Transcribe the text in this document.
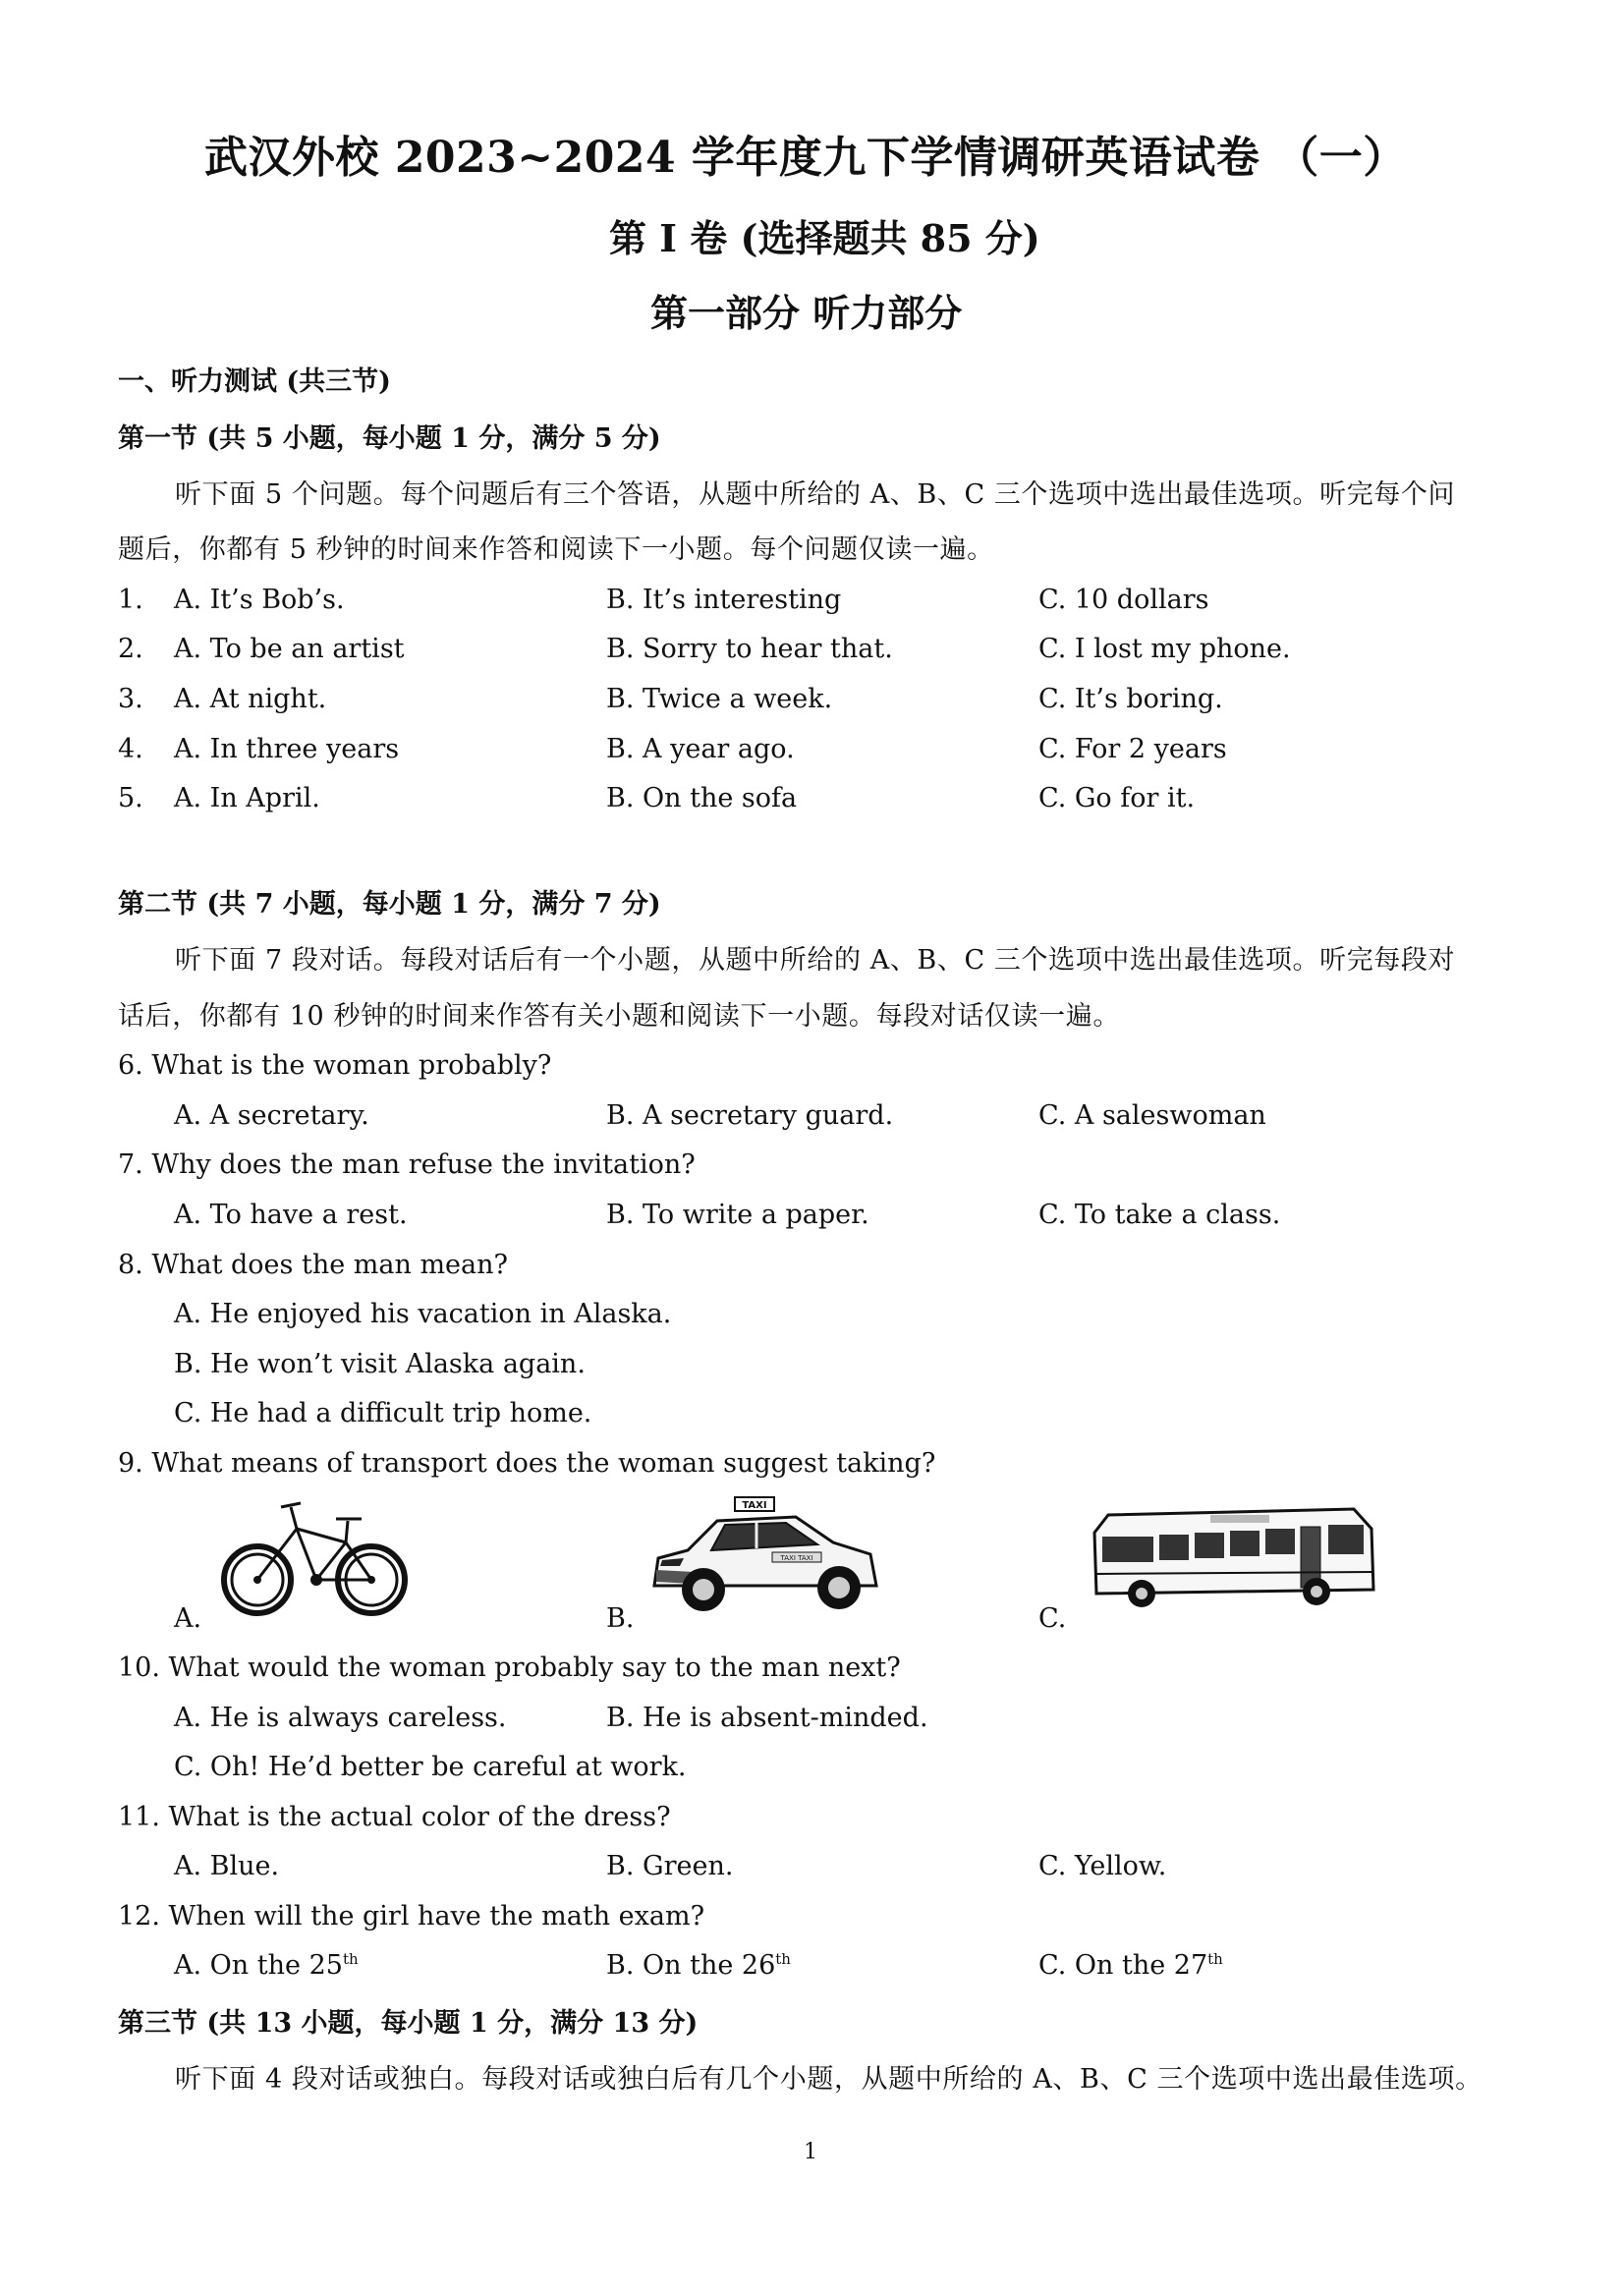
武汉外校 2023~2024 学年度九下学情调研英语试卷 （一）
第 I 卷 (选择题共 85 分)
第一部分 听力部分
一、听力测试 (共三节)
第一节 (共 5 小题，每小题 1 分，满分 5 分)
听下面 5 个问题。每个问题后有三个答语，从题中所给的 A、B、C 三个选项中选出最佳选项。听完每个问
题后，你都有 5 秒钟的时间来作答和阅读下一小题。每个问题仅读一遍。
1. A. It’s Bob’s.	B. It’s interesting	C. 10 dollars
2. A. To be an artist	B. Sorry to hear that.	C. I lost my phone.
3. A. At night.	B. Twice a week.	C. It’s boring.
4. A. In three years	B. A year ago.	C. For 2 years
5. A. In April.	B. On the sofa	C. Go for it.
第二节 (共 7 小题，每小题 1 分，满分 7 分)
听下面 7 段对话。每段对话后有一个小题，从题中所给的 A、B、C 三个选项中选出最佳选项。听完每段对
话后，你都有 10 秒钟的时间来作答有关小题和阅读下一小题。每段对话仅读一遍。
6. What is the woman probably?
A. A secretary.	B. A secretary guard.	C. A saleswoman
7. Why does the man refuse the invitation?
A. To have a rest.	B. To write a paper.	C. To take a class.
8. What does the man mean?
A. He enjoyed his vacation in Alaska.
B. He won’t visit Alaska again.
C. He had a difficult trip home.
9. What means of transport does the woman suggest taking?
A.	B.
TAXI
TAXI TAXI
C.
10. What would the woman probably say to the man next?
A. He is always careless.	B. He is absent-minded.
C. Oh! He’d better be careful at work.
11. What is the actual color of the dress?
A. Blue.	B. Green.	C. Yellow.
12. When will the girl have the math exam?
A. On the 25th	B. On the 26th	C. On the 27th
第三节 (共 13 小题，每小题 1 分，满分 13 分)
听下面 4 段对话或独白。每段对话或独白后有几个小题，从题中所给的 A、B、C 三个选项中选出最佳选项。
1
